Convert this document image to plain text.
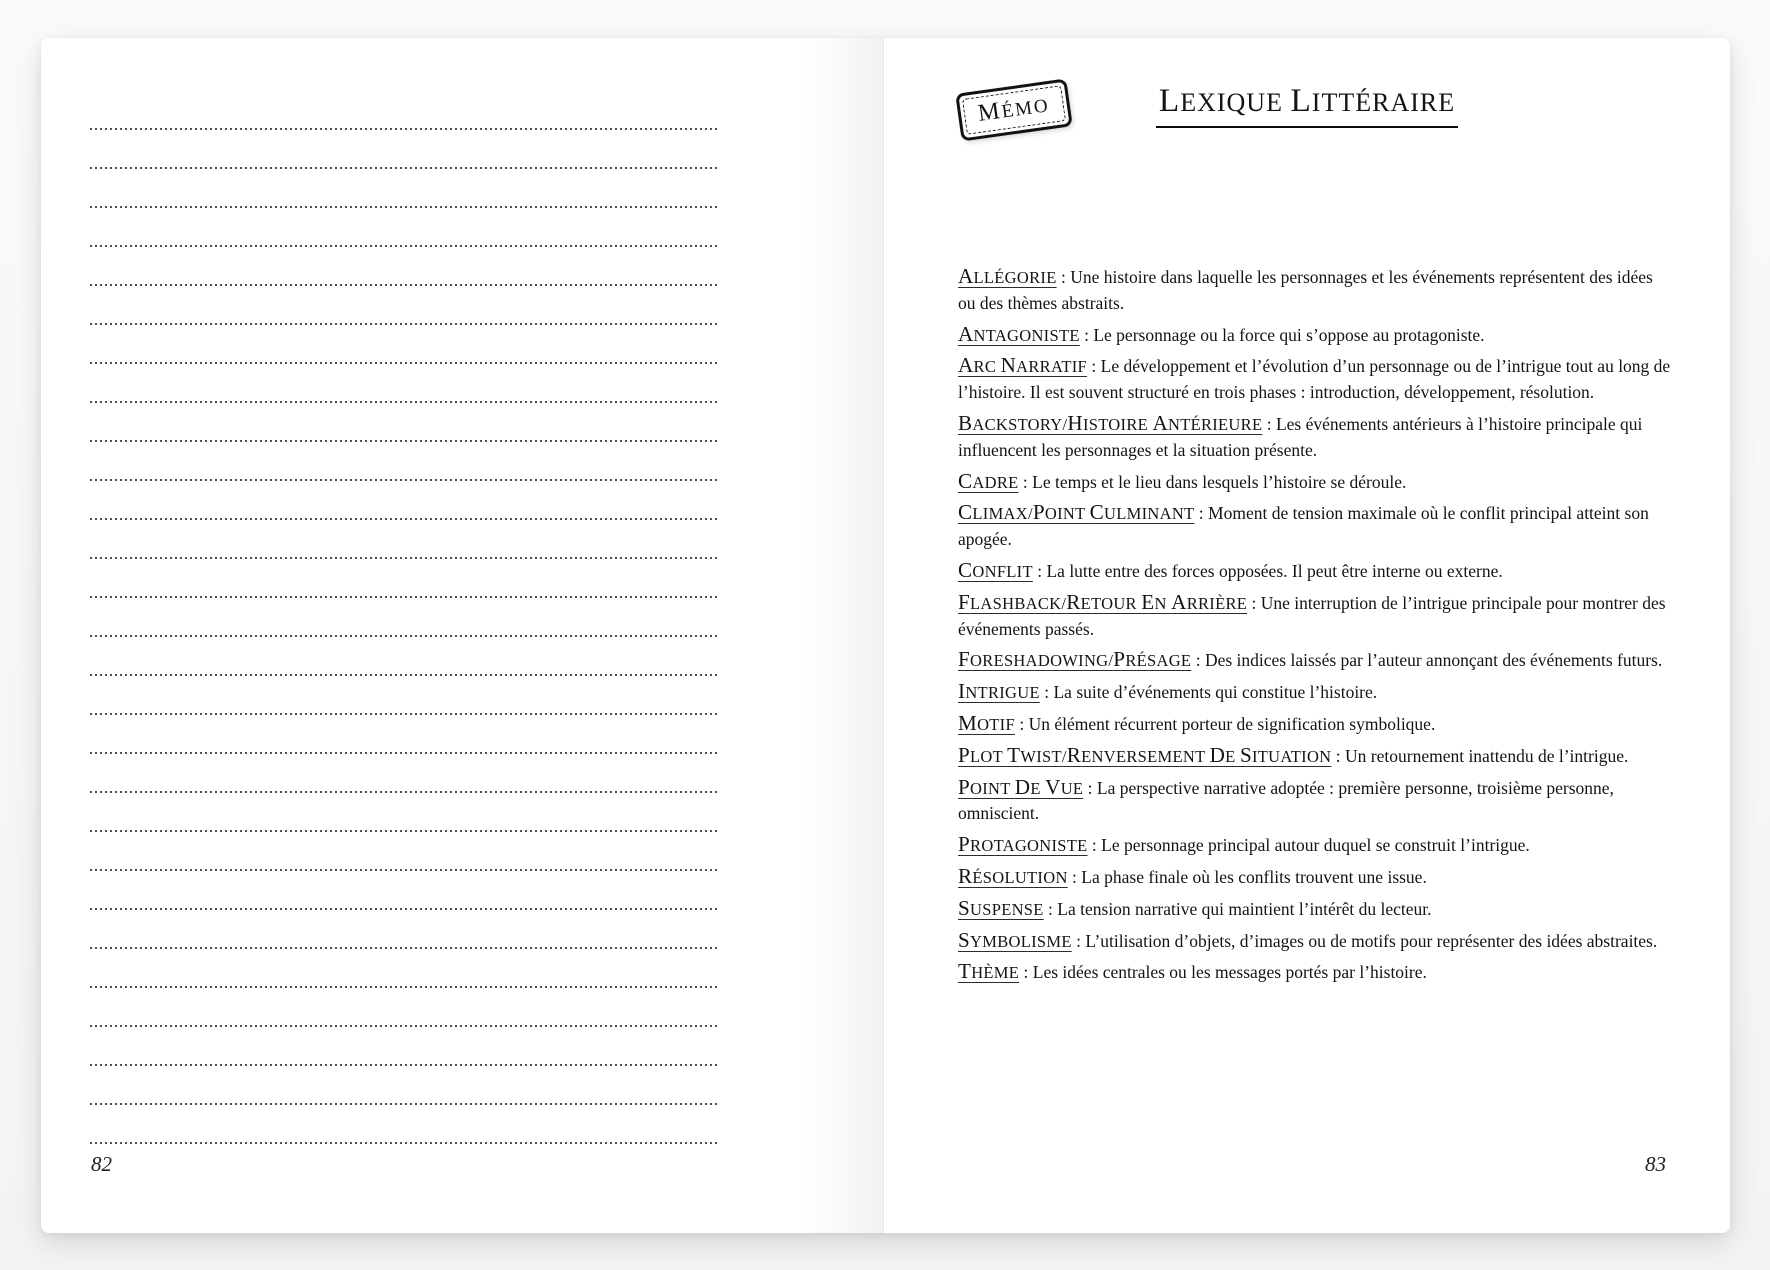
82
MÉMO	LEXIQUE LITTÉRAIRE

ALLÉGORIE : Une histoire dans laquelle les personnages et les événements représentent des idées ou des thèmes abstraits.

ANTAGONISTE : Le personnage ou la force qui s’oppose au protagoniste.

ARC NARRATIF : Le développement et l’évolution d’un personnage ou de l’intrigue tout au long de l’histoire. Il est souvent structuré en trois phases : introduction, développement, résolution.

BACKSTORY/HISTOIRE ANTÉRIEURE : Les événements antérieurs à l’histoire principale qui influencent les personnages et la situation présente.

CADRE : Le temps et le lieu dans lesquels l’histoire se déroule.

CLIMAX/POINT CULMINANT : Moment de tension maximale où le conflit principal atteint son apogée.

CONFLIT : La lutte entre des forces opposées. Il peut être interne ou externe.

FLASHBACK/RETOUR EN ARRIÈRE : Une interruption de l’intrigue principale pour montrer des événements passés.

FORESHADOWING/PRÉSAGE : Des indices laissés par l’auteur annonçant des événements futurs.

INTRIGUE : La suite d’événements qui constitue l’histoire.

MOTIF : Un élément récurrent porteur de signification symbolique.

PLOT TWIST/RENVERSEMENT DE SITUATION : Un retournement inattendu de l’intrigue.

POINT DE VUE : La perspective narrative adoptée : première personne, troisième personne, omniscient.

PROTAGONISTE : Le personnage principal autour duquel se construit l’intrigue.

RÉSOLUTION : La phase finale où les conflits trouvent une issue.

SUSPENSE : La tension narrative qui maintient l’intérêt du lecteur.

SYMBOLISME : L’utilisation d’objets, d’images ou de motifs pour représenter des idées abstraites.

THÈME : Les idées centrales ou les messages portés par l’histoire.

83
